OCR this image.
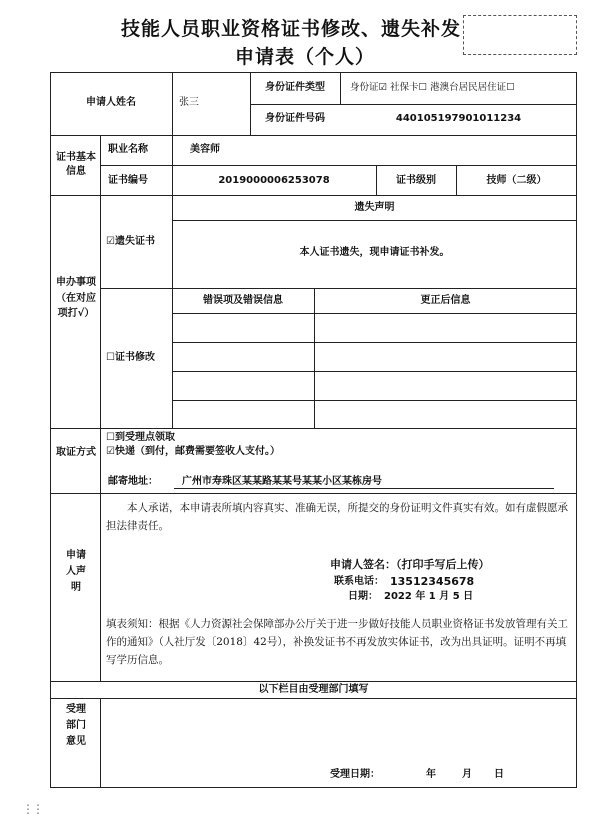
技能人员职业资格证书修改、遗失补发
申请表（个人）
申请人姓名	张三
身份证件类型	身份证☑ 社保卡☐ 港澳台居民居住证☐
身份证件号码	440105197901011234
证书基本信息
职业名称	美容师
证书编号	2019000006253078	证书级别	技师（二级）
申办事项（在对应项打√）
☑遗失证书
遗失声明
本人证书遗失，现申请证书补发。
☐证书修改
错误项及错误信息	更正后信息
取证方式
☐到受理点领取
☑快递（到付，邮费需要签收人支付。）
邮寄地址：	广州市寿珠区某某路某某号某某小区某栋房号
申请人声明
本人承诺，本申请表所填内容真实、准确无误，所提交的身份证明文件真实有效。如有虚假愿承担法律责任。
申请人签名：（打印手写后上传）
联系电话： 13512345678
日期： 2022 年 1 月 5 日
填表须知：根据《人力资源社会保障部办公厅关于进一步做好技能人员职业资格证书发放管理有关工作的通知》（人社厅发〔2018〕42号），补换发证书不再发放实体证书，改为出具证明。证明不再填写学历信息。
以下栏目由受理部门填写
受理部门意见
受理日期：	年	月 日
⋮⋮
